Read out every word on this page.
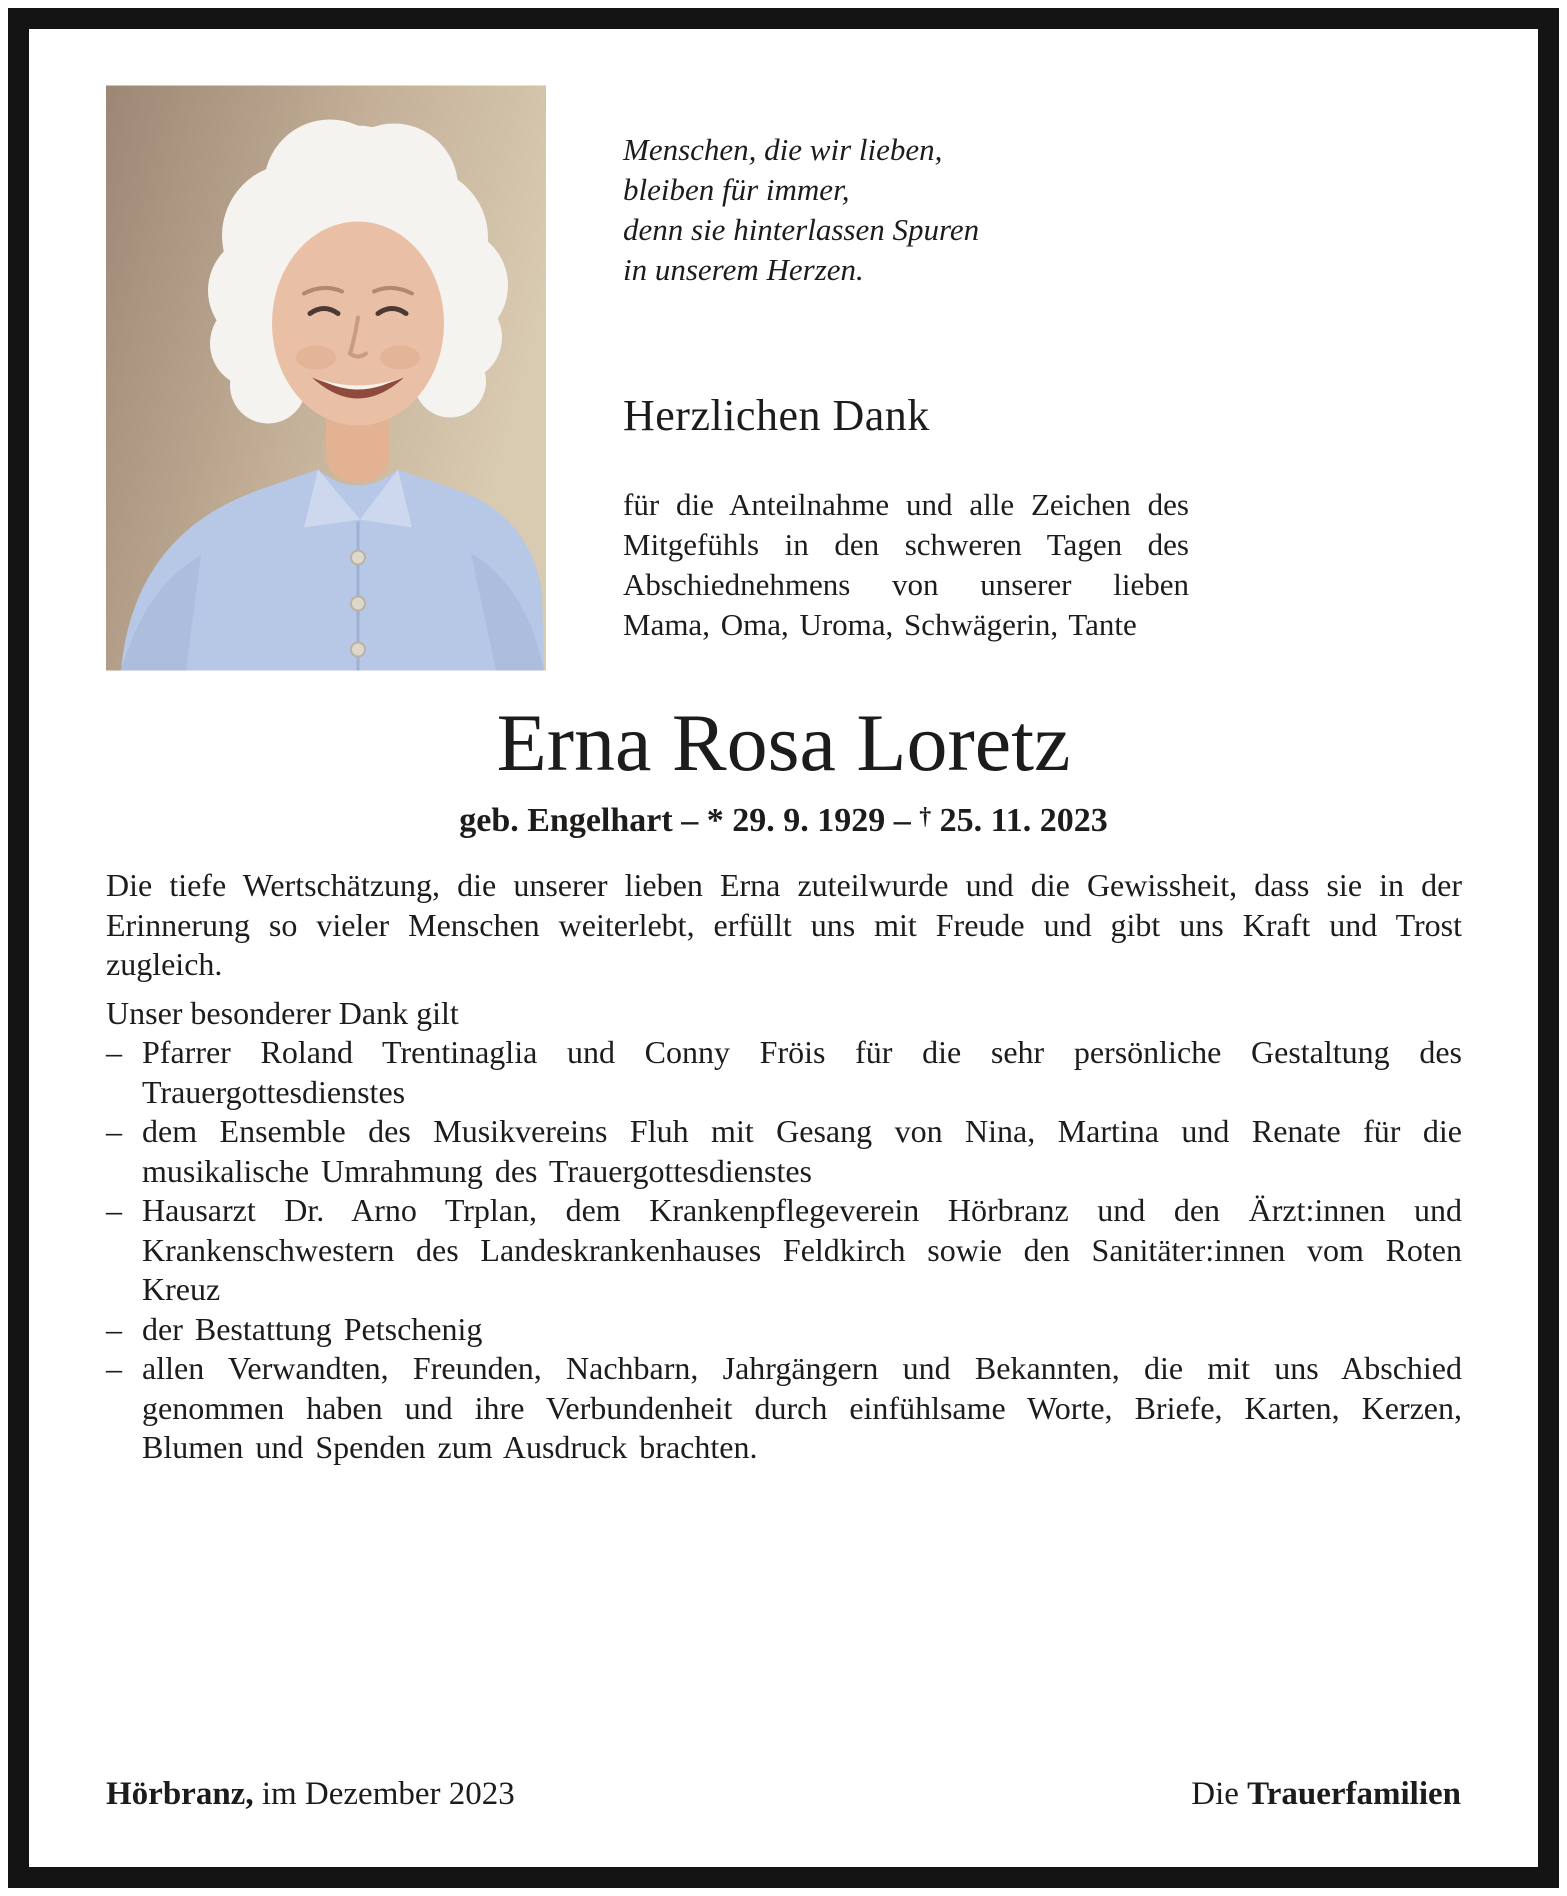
Menschen, die wir lieben,
bleiben für immer,
denn sie hinterlassen Spuren
in unserem Herzen.
Herzlichen Dank
für die Anteilnahme und alle Zeichen des Mitgefühls in den schweren Tagen des Abschiednehmens von unserer lieben Mama, Oma, Uroma, Schwägerin, Tante
Erna Rosa Loretz
geb. Engelhart – * 29. 9. 1929 – † 25. 11. 2023
Die tiefe Wertschätzung, die unserer lieben Erna zuteilwurde und die Gewissheit, dass sie in der Erinnerung so vieler Menschen weiterlebt, erfüllt uns mit Freude und gibt uns Kraft und Trost zugleich.
Unser besonderer Dank gilt
– Pfarrer Roland Trentinaglia und Conny Fröis für die sehr persönliche Gestaltung des Trauergottesdienstes
– dem Ensemble des Musikvereins Fluh mit Gesang von Nina, Martina und Renate für die musikalische Umrahmung des Trauergottesdienstes
– Hausarzt Dr. Arno Trplan, dem Krankenpflegeverein Hörbranz und den Ärzt:innen und Krankenschwestern des Landeskrankenhauses Feldkirch sowie den Sanitäter:innen vom Roten Kreuz
– der Bestattung Petschenig
– allen Verwandten, Freunden, Nachbarn, Jahrgängern und Bekannten, die mit uns Abschied genommen haben und ihre Verbundenheit durch einfühlsame Worte, Briefe, Karten, Kerzen, Blumen und Spenden zum Ausdruck brachten.
Hörbranz, im Dezember 2023	Die Trauerfamilien
